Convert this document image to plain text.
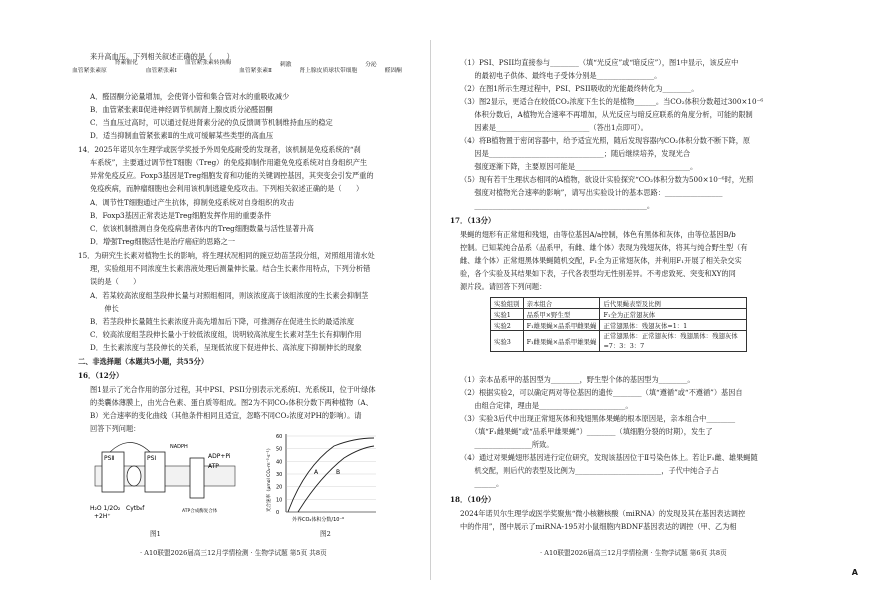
来升高血压。下列相关叙述正确的是（　　）
血管紧张素原 肾素催化 血管紧张素Ⅰ 血管紧张素转换酶 血管紧张素Ⅱ 刺激 肾上腺皮质球状带细胞 分泌 醛固酮
A．醛固酮分泌量增加，会使肾小管和集合管对水的重吸收减少
B．血管紧张素Ⅱ促进神经调节机制肾上腺皮质分泌醛固酮
C．当血压过高时，可以通过促进肾素分泌的负反馈调节机制维持血压的稳定
D．适当抑制血管紧张素Ⅱ的生成可缓解某些类型的高血压
14．2025年诺贝尔生理学或医学奖授予外周免疫耐受的发现者，该机制是免疫系统的“刹
车系统”，主要通过调节性T细胞（Treg）的免疫抑制作用避免免疫系统对自身组织产生
异常免疫反应。Foxp3基因是Treg细胞发育和功能的关键调控基因，其突变会引发严重的
免疫疾病，而肿瘤细胞也会利用该机制逃避免疫攻击。下列相关叙述正确的是（　　）
A．调节性T细胞通过产生抗体，抑制免疫系统对自身组织的攻击
B．Foxp3基因正常表达是Treg细胞发挥作用的重要条件
C．依该机制推测自身免疫病患者体内的Treg细胞数量与活性显著升高
D．增强Treg细胞活性是治疗癌症的思路之一
15．为研究生长素对植物生长的影响，将生理状况相同的豌豆幼苗茎段分组，对照组用清水处
理，实验组用不同浓度生长素溶液处理后测量伸长量。结合生长素作用特点，下列分析错
误的是（　　）
A．若某较高浓度组茎段伸长量与对照组相同，则该浓度高于该组浓度的生长素会抑制茎
　　伸长
B．若茎段伸长量随生长素浓度升高先增加后下降，可推测存在促进生长的最适浓度
C．较高浓度组茎段伸长量小于较低浓度组，说明较高浓度生长素对茎生长有抑制作用
D．生长素浓度与茎段伸长的关系，呈现低浓度下促进伸长、高浓度下抑制伸长的现象
二、非选择题（本题共5小题，共55分）
16．（12分）
图1显示了光合作用的部分过程，其中PSI、PSII分别表示光系统I、光系统II，位于叶绿体
的类囊体薄膜上，由光合色素、蛋白质等组成。图2为不同CO₂体积分数下两种植物（A、
B）光合速率的变化曲线（其他条件相同且适宜，忽略不同CO₂浓度对PH的影响）。请
回答下列问题：
PSⅡ	PSⅠ
NADPH
ADP+Pi
ATP
H₂O 1/2O₂
+2H⁺
Cytb₆f	ATP合成酶复合体
图1
60
50
40
30
20
10
0
A	B
外界CO₂体积分数/10⁻⁶
光合速率（μmol CO₂·m⁻²·s⁻¹）
图2
· A10联盟2026届高三12月学情检测 · 生物学试题 第5页 共8页
（1）PSI、PSII均直接参与________（填“光反应”或“暗反应”），图1中显示，该反应中
　　的最初电子供体、最终电子受体分别是________________。
（2）在图1所示生理过程中，PSI、PSII吸收的光能最终转化为________。
（3）图2显示，更适合在较低CO₂浓度下生长的是植物______。当CO₂体积分数超过300×10⁻⁶
　　体积分数后，A植物光合速率不再增加，从光反应与暗反应联系的角度分析，可能的限制
　　因素是__________________________（答出1点即可）。
（4）将B植物置于密闭容器中，给予适宜光照，随后发现容器内CO₂体积分数不断下降，原
　　因是________________________________；随后继续培养，发现光合
　　强度逐渐下降，主要原因可能是________________________________。
（5）现有若干生理状态相同的A植物，欲设计实验探究“CO₂体积分数为500×10⁻⁶时，光照
　　强度对植物光合速率的影响”，请写出实验设计的基本思路：________________
　　________________________________________________。
17．（13分）
果蝇的翅形有正常翅和残翅，由等位基因A/a控制，体色有黑体和灰体，由等位基因B/b
控制。已知某纯合品系（品系甲，有雌、雄个体）表现为残翅灰体，将其与纯合野生型（有
雌、雄个体）正常翅黑体果蝇随机交配，F₁全为正常翅灰体，并利用F₁开展了相关杂交实
验，各个实验及其结果如下表，子代各表型均无性别差异。不考虑致死、突变和XY的同
源片段。请回答下列问题：
（1）亲本品系甲的基因型为________，野生型个体的基因型为________。
（2）根据实验2，可以确定两对等位基因的遗传________（填“遵循”或“不遵循”）基因自
　　由组合定律，理由是________________________。
（3）实验3后代中出现正常翅灰体和残翅黑体果蝇的根本原因是，亲本组合中________
　　（填“F₁雌果蝇”或“品系甲雄果蝇”）________（填细胞分裂的时期），发生了
　　________________所致。
（4）通过对果蝇翅形基因进行定位研究，发现该基因位于Ⅱ号染色体上。若让F₁雌、雄果蝇随
　　机交配，则后代的表型及比例为________________________，子代中纯合子占
　　______。
18．（10分）
2024年诺贝尔生理学或医学奖聚焦“微小核糖核酸（miRNA）的发现及其在基因表达调控
中的作用”，图中展示了miRNA-195对小鼠细胞内BDNF基因表达的调控（甲、乙为相
· A10联盟2026届高三12月学情检测 · 生物学试题 第6页 共8页
实验组别	亲本组合	后代果蝇表型及比例
实验1	品系甲×野生型	F₁全为正常翅灰体
实验2	F₁雄果蝇×品系甲雌果蝇	正常翅黑体：残翅灰体=1：1
实验3	F₁雌果蝇×品系甲雄果蝇	正常翅黑体：正常翅灰体：残翅黑体：残翅灰体=7：3：3：7
A
